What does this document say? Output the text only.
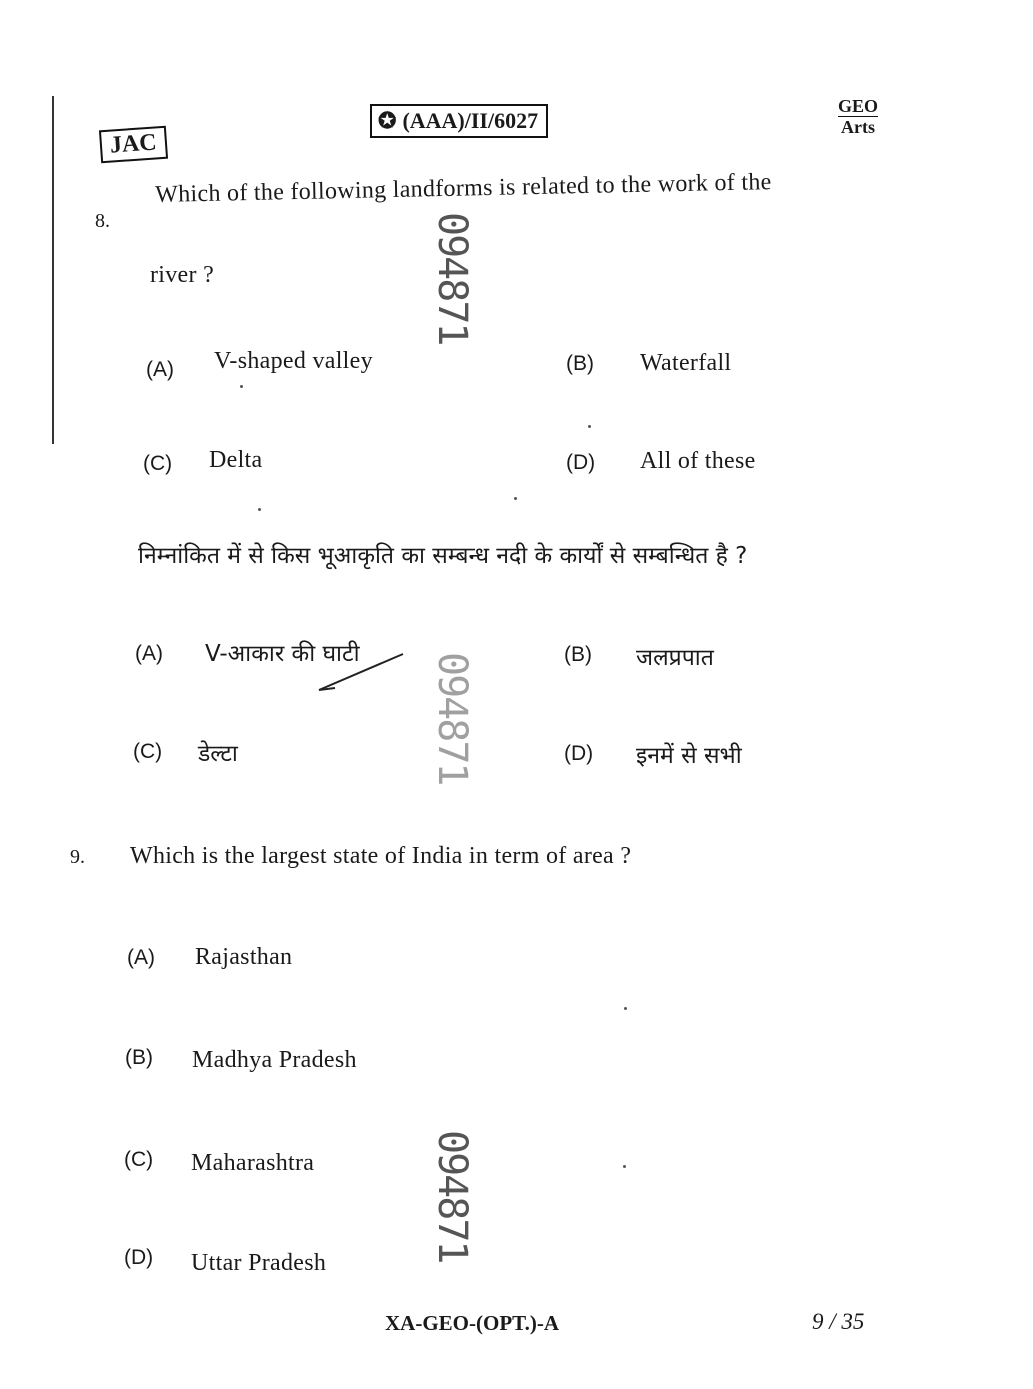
JAC
✪ (AAA)/II/6027
GEO
Arts
8.
Which of the following landforms is related to the work of the
river ?
(A) V-shaped valley	(B) Waterfall
(C) Delta	(D) All of these
निम्नांकित में से किस भूआकृति का सम्बन्ध नदी के कार्यों से सम्बन्धित है ?
(A) V-आकार की घाटी	(B) जलप्रपात
(C) डेल्टा	(D) इनमें से सभी
9. Which is the largest state of India in term of area ?
(A) Rajasthan
(B) Madhya Pradesh
(C) Maharashtra
(D) Uttar Pradesh
094871
094871
094871
XA-GEO-(OPT.)-A	9 / 35
